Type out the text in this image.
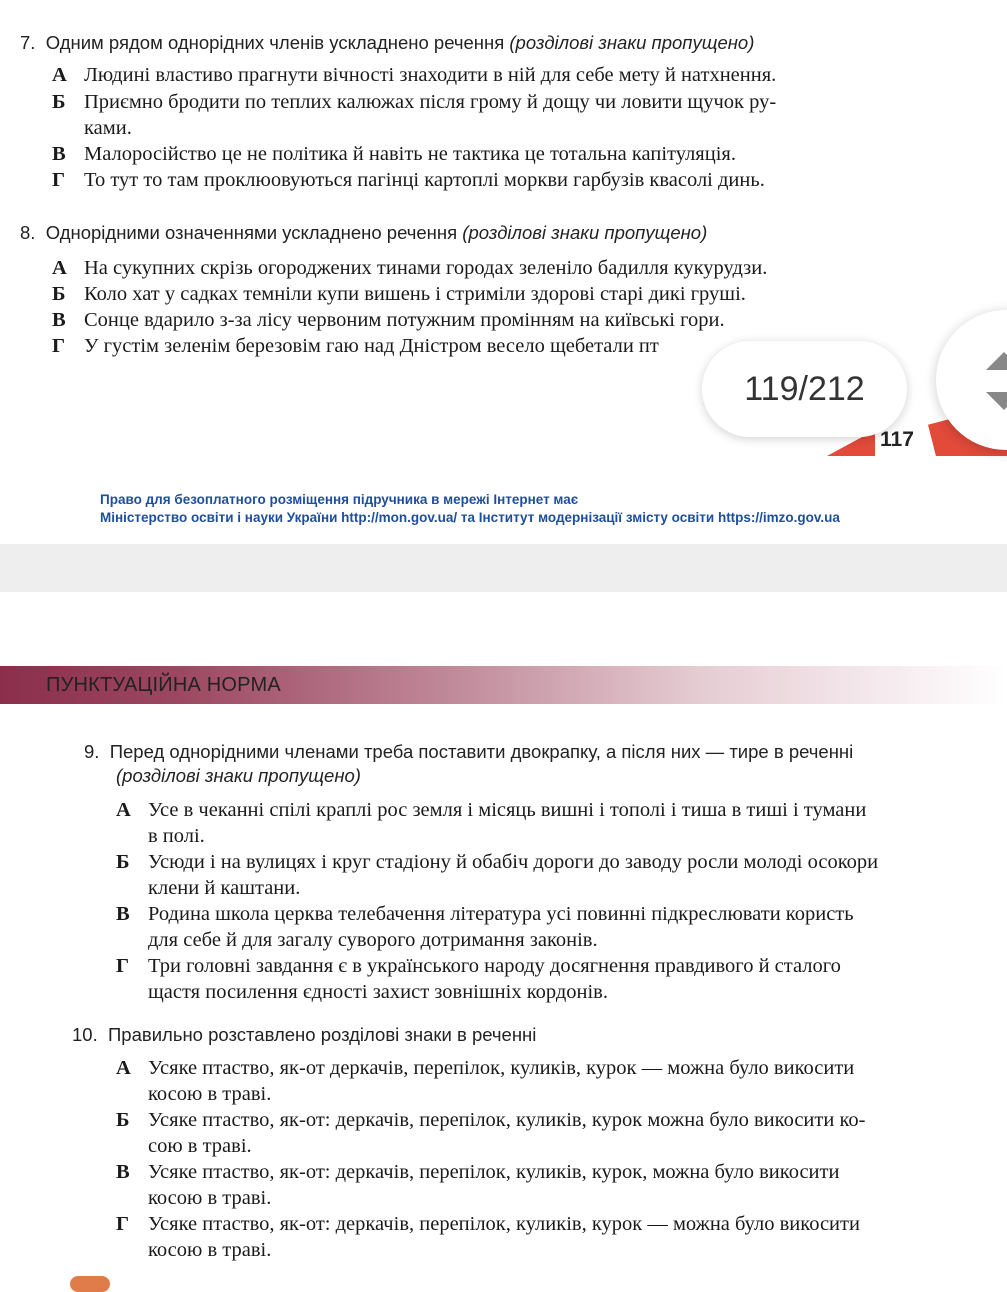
7. Одним рядом однорідних членів ускладнено речення (розділові знаки пропущено)
А Людині властиво прагнути вічності знаходити в ній для себе мету й натхнення.
Б Приємно бродити по теплих калюжах після грому й дощу чи ловити щучок ру-
ками.
В Малоросійство це не політика й навіть не тактика це тотальна капітуляція.
Г То тут то там проклюовуються пагінці картоплі моркви гарбузів квасолі динь.
8. Однорідними означеннями ускладнено речення (розділові знаки пропущено)
А На сукупних скрізь огороджених тинами городах зеленіло бадилля кукурудзи.
Б Коло хат у садках темніли купи вишень і стриміли здорові старі дикі груші.
В Сонце вдарило з-за лісу червоним потужним промінням на київські гори.
Г У густім зеленім березовім гаю над Дністром весело щебетали пт
117
119/212
Право для безоплатного розміщення підручника в мережі Інтернет має
Міністерство освіти і науки України http://mon.gov.ua/ та Інститут модернізації змісту освіти https://imzo.gov.ua
ПУНКТУАЦІЙНА НОРМА
9. Перед однорідними членами треба поставити двокрапку, а після них — тире в реченні
(розділові знаки пропущено)
А Усе в чеканні спілі краплі рос земля і місяць вишні і тополі і тиша в тиші і тумани
в полі.
Б Усюди і на вулицях і круг стадіону й обабіч дороги до заводу росли молоді осокори
клени й каштани.
В Родина школа церква телебачення література усі повинні підкреслювати користь
для себе й для загалу суворого дотримання законів.
Г Три головні завдання є в українського народу досягнення правдивого й сталого
щастя посилення єдності захист зовнішніх кордонів.
10. Правильно розставлено розділові знаки в реченні
А Усяке птаство, як-от деркачів, перепілок, куликів, курок — можна було викосити
косою в траві.
Б Усяке птаство, як-от: деркачів, перепілок, куликів, курок можна було викосити ко-
сою в траві.
В Усяке птаство, як-от: деркачів, перепілок, куликів, курок, можна було викосити
косою в траві.
Г Усяке птаство, як-от: деркачів, перепілок, куликів, курок — можна було викосити
косою в траві.
